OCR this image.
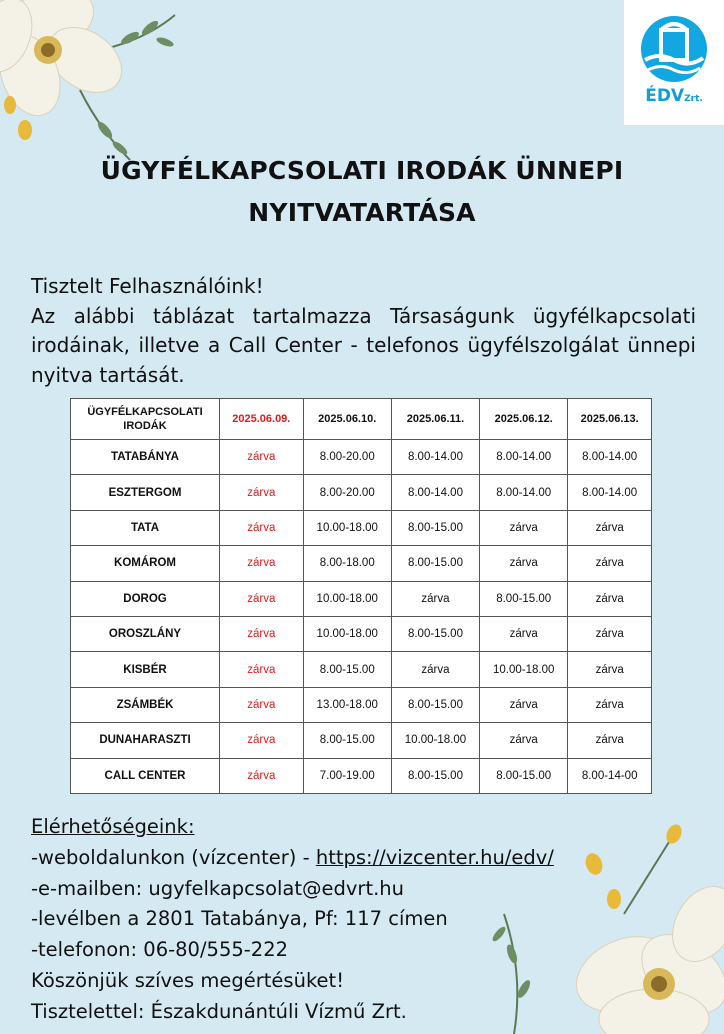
ÉDVZrt.
ÜGYFÉLKAPCSOLATI IRODÁK ÜNNEPI
NYITVATARTÁSA

Tisztelt Felhasználóink!

Az alábbi táblázat tartalmazza Társaságunk ügyfélkapcsolati irodáinak, illetve a Call Center - telefonos ügyfélszolgálat ünnepi nyitva tartását.

ÜGYFÉLKAPCSOLATI
IRODÁK	2025.06.09.	2025.06.10.	2025.06.11.	2025.06.12.	2025.06.13.
TATABÁNYA	zárva	8.00-20.00	8.00-14.00	8.00-14.00	8.00-14.00
ESZTERGOM	zárva	8.00-20.00	8.00-14.00	8.00-14.00	8.00-14.00
TATA	zárva	10.00-18.00	8.00-15.00	zárva	zárva
KOMÁROM	zárva	8.00-18.00	8.00-15.00	zárva	zárva
DOROG	zárva	10.00-18.00	zárva	8.00-15.00	zárva
OROSZLÁNY	zárva	10.00-18.00	8.00-15.00	zárva	zárva
KISBÉR	zárva	8.00-15.00	zárva	10.00-18.00	zárva
ZSÁMBÉK	zárva	13.00-18.00	8.00-15.00	zárva	zárva
DUNAHARASZTI	zárva	8.00-15.00	10.00-18.00	zárva	zárva
CALL CENTER	zárva	7.00-19.00	8.00-15.00	8.00-15.00	8.00-14-00
Elérhetőségeink:
-weboldalunkon (vízcenter) - https://vizcenter.hu/edv/
-e-mailben: ugyfelkapcsolat@edvrt.hu
-levélben a 2801 Tatabánya, Pf: 117 címen
-telefonon: 06-80/555-222
Köszönjük szíves megértésüket!
Tisztelettel: Északdunántúli Vízmű Zrt.
